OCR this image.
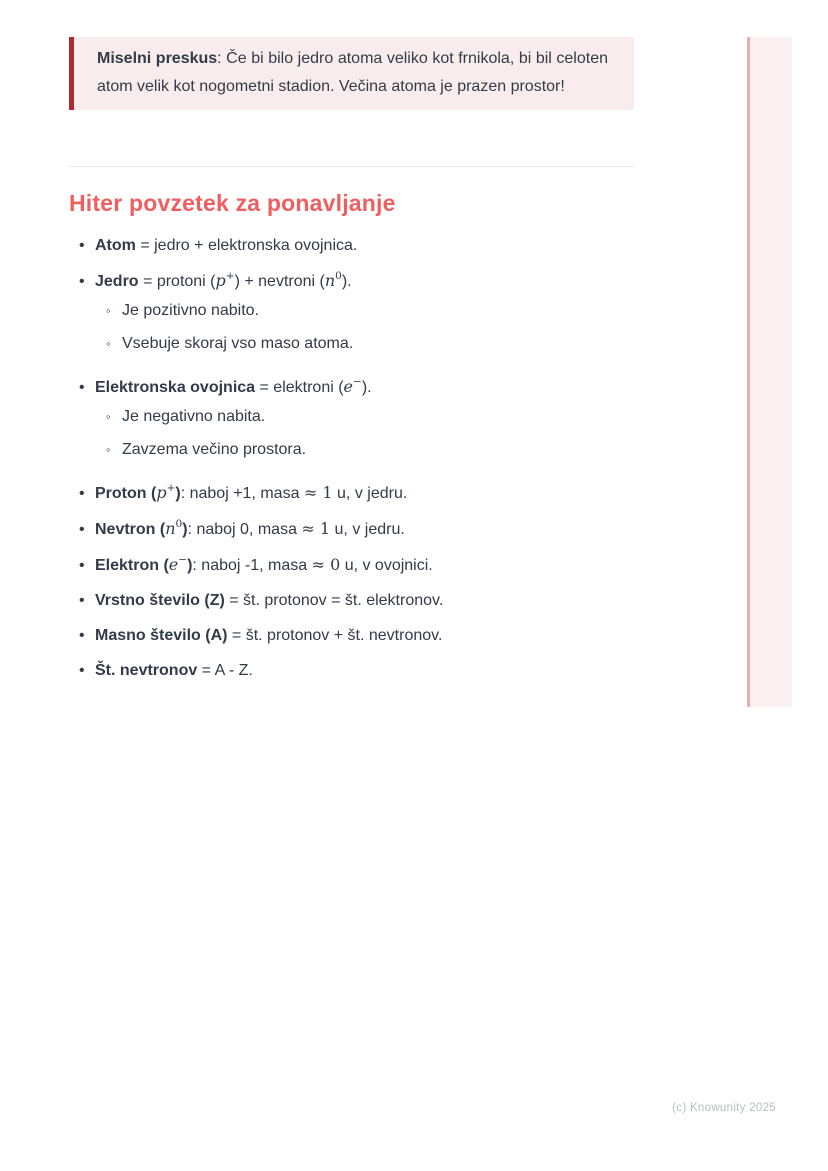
Miselni preskus: Če bi bilo jedro atoma veliko kot frnikola, bi bil celoten atom velik kot nogometni stadion. Večina atoma je prazen prostor!
Hiter povzetek za ponavljanje
• Atom = jedro + elektronska ovojnica.
• Jedro = protoni (p+) + nevtroni $(n^0)$.
◦ Je pozitivno nabito.
◦ Vsebuje skoraj vso maso atoma.
• Elektronska ovojnica = elektroni (e−).
◦ Je negativno nabita.
◦ Zavzema večino prostora.
• Proton (p+): naboj +1, masa ≈ 1 u, v jedru.
• Nevtron $(n^0)$: naboj 0, masa ≈ 1 u, v jedru.
• Elektron (e−): naboj -1, masa ≈ 0 u, v ovojnici.
• Vrstno število (Z) = št. protonov = št. elektronov.
• Masno število (A) = št. protonov + št. nevtronov.
• Št. nevtronov = A - Z.
(c) Knowunity 2025
